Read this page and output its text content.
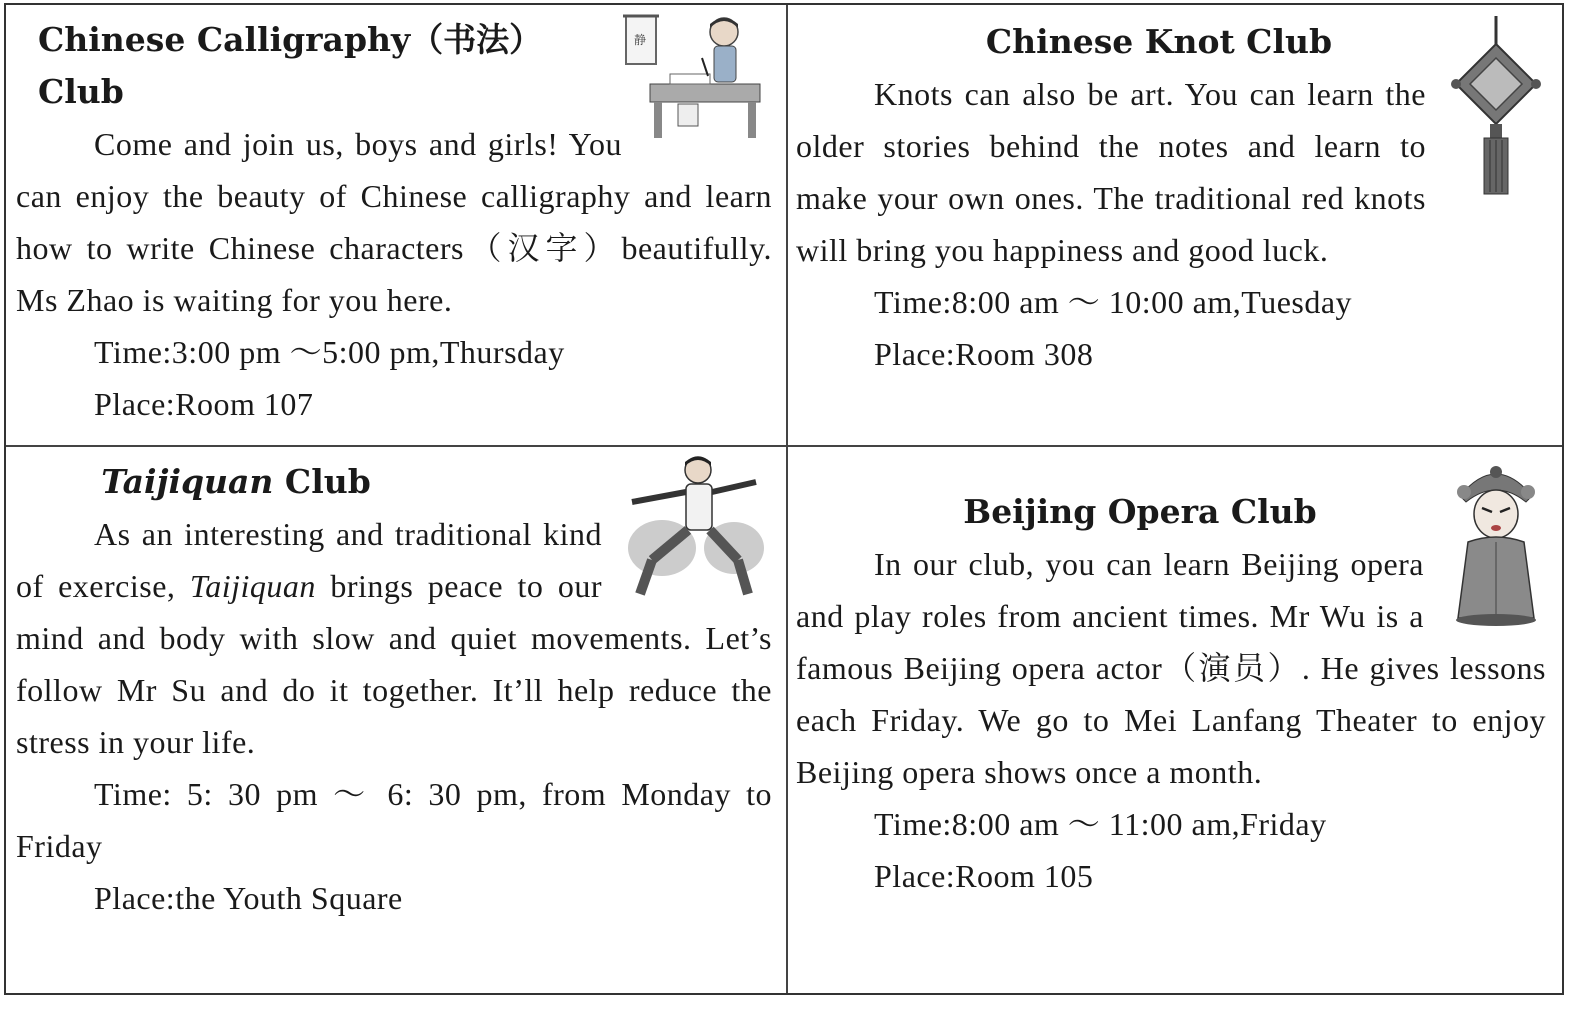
静

Chinese Calligraphy（书法）Club

Come and join us, boys and girls! You can enjoy the beauty of Chinese calligraphy and learn how to write Chinese characters（汉字）beautifully. Ms Zhao is waiting for you here.

Time:3:00 pm ～5:00 pm,Thursday

Place:Room 107

Chinese Knot Club

Knots can also be art. You can learn the older stories behind the notes and learn to make your own ones. The traditional red knots will bring you happiness and good luck.

Time:8:00 am ～ 10:00 am,Tuesday

Place:Room 308

Taijiquan Club

As an interesting and traditional kind of exercise, Taijiquan brings peace to our mind and body with slow and quiet movements. Let’s follow Mr Su and do it together. It’ll help reduce the stress in your life.

Time: 5: 30 pm ～ 6: 30 pm, from Monday to Friday

Place:the Youth Square

Beijing Opera Club

In our club, you can learn Beijing opera and play roles from ancient times. Mr Wu is a famous Beijing opera actor（演员）. He gives lessons each Friday. We go to Mei Lanfang Theater to enjoy Beijing opera shows once a month.

Time:8:00 am ～ 11:00 am,Friday

Place:Room 105
